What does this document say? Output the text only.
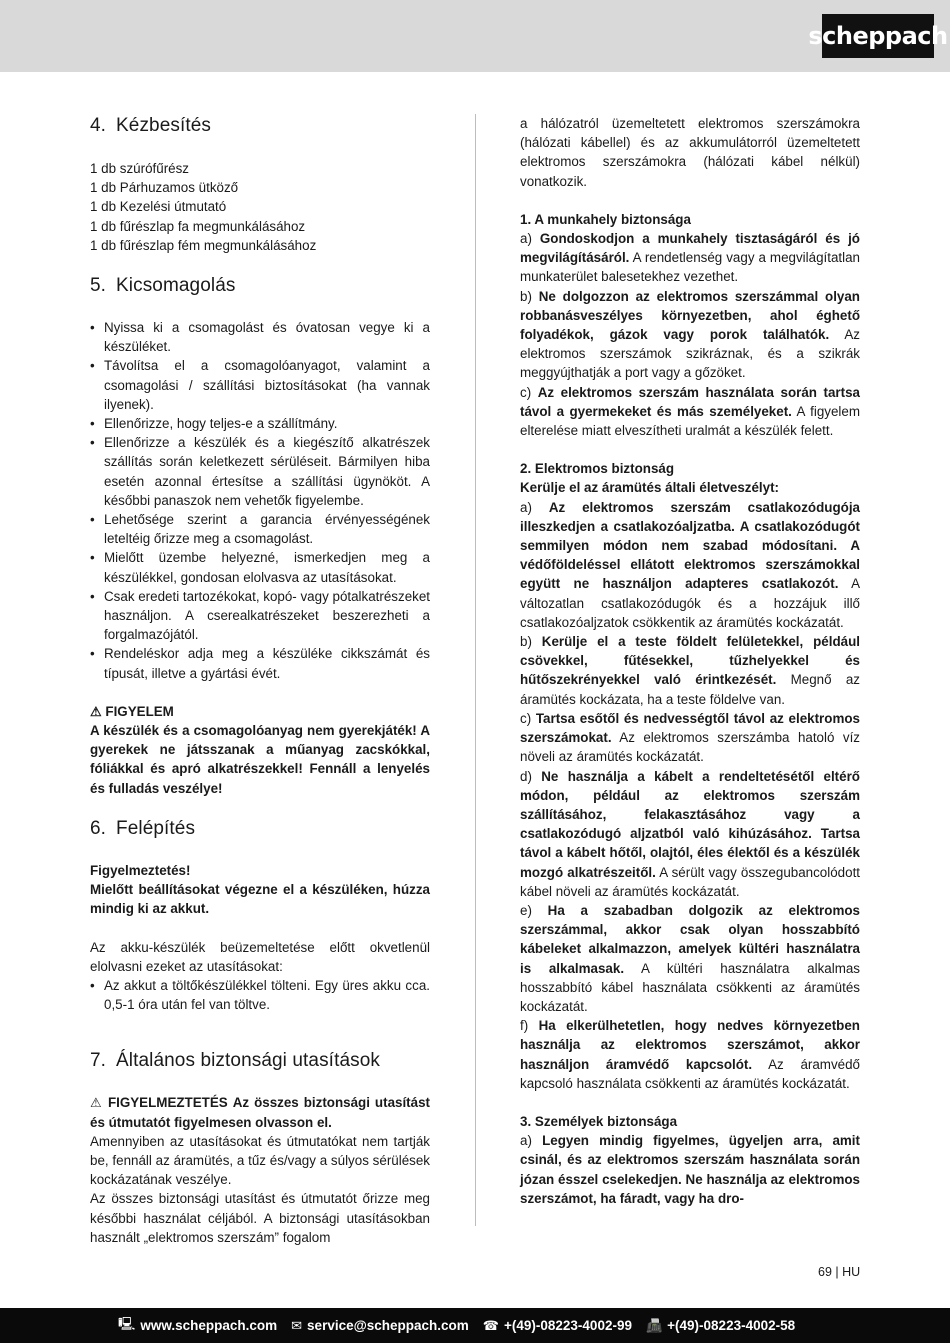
scheppach
4. Kézbesítés
1 db szúrófűrész
1 db Párhuzamos ütköző
1 db Kezelési útmutató
1 db fűrészlap fa megmunkálásához
1 db fűrészlap fém megmunkálásához
5. Kicsomagolás
• Nyissa ki a csomagolást és óvatosan vegye ki a készüléket.
• Távolítsa el a csomagolóanyagot, valamint a csomagolási / szállítási biztosításokat (ha vannak ilyenek).
• Ellenőrizze, hogy teljes-e a szállítmány.
• Ellenőrizze a készülék és a kiegészítő alkatrészek szállítás során keletkezett sérüléseit. Bármilyen hiba esetén azonnal értesítse a szállítási ügynököt. A későbbi panaszok nem vehetők figyelembe.
• Lehetősége szerint a garancia érvényességének leteltéig őrizze meg a csomagolást.
• Mielőtt üzembe helyezné, ismerkedjen meg a készülékkel, gondosan elolvasva az utasításokat.
• Csak eredeti tartozékokat, kopó- vagy pótalkatrészeket használjon. A cserealkatrészeket beszerezheti a forgalmazójától.
• Rendeléskor adja meg a készüléke cikkszámát és típusát, illetve a gyártási évét.
⚠ FIGYELEM

A készülék és a csomagolóanyag nem gyerekjáték! A gyerekek ne játsszanak a műanyag zacskókkal, fóliákkal és apró alkatrészekkel! Fennáll a lenyelés és fulladás veszélye!

6. Felépítés
Figyelmeztetés!

Mielőtt beállításokat végezne el a készüléken, húzza mindig ki az akkut.

Az akku-készülék beüzemeltetése előtt okvetlenül elolvasni ezeket az utasításokat:

• Az akkut a töltőkészülékkel tölteni. Egy üres akku cca. 0,5-1 óra után fel van töltve.
7. Általános biztonsági utasítások

⚠ FIGYELMEZTETÉS Az összes biztonsági utasítást és útmutatót figyelmesen olvasson el.

Amennyiben az utasításokat és útmutatókat nem tartják be, fennáll az áramütés, a tűz és/vagy a súlyos sérülések kockázatának veszélye.

Az összes biztonsági utasítást és útmutatót őrizze meg későbbi használat céljából. A biztonsági utasításokban használt „elektromos szerszám” fogalom

a hálózatról üzemeltetett elektromos szerszámokra (hálózati kábellel) és az akkumulátorról üzemeltetett elektromos szerszámokra (hálózati kábel nélkül) vonatkozik.

1. A munkahely biztonsága

a) Gondoskodjon a munkahely tisztaságáról és jó megvilágításáról. A rendetlenség vagy a megvilágítatlan munkaterület balesetekhez vezethet.

b) Ne dolgozzon az elektromos szerszámmal olyan robbanásveszélyes környezetben, ahol éghető folyadékok, gázok vagy porok találhatók. Az elektromos szerszámok szikráznak, és a szikrák meggyújthatják a port vagy a gőzöket.

c) Az elektromos szerszám használata során tartsa távol a gyermekeket és más személyeket. A figyelem elterelése miatt elveszítheti uralmát a készülék felett.

2. Elektromos biztonság
Kerülje el az áramütés általi életveszélyt:

a) Az elektromos szerszám csatlakozódugója illeszkedjen a csatlakozóaljzatba. A csatlakozódugót semmilyen módon nem szabad módosítani. A védőföldeléssel ellátott elektromos szerszámokkal együtt ne használjon adapteres csatlakozót. A változatlan csatlakozódugók és a hozzájuk illő csatlakozóaljzatok csökkentik az áramütés kockázatát.

b) Kerülje el a teste földelt felületekkel, például csövekkel, fűtésekkel, tűzhelyekkel és hűtőszekrényekkel való érintkezését. Megnő az áramütés kockázata, ha a teste földelve van.

c) Tartsa esőtől és nedvességtől távol az elektromos szerszámokat. Az elektromos szerszámba hatoló víz növeli az áramütés kockázatát.

d) Ne használja a kábelt a rendeltetésétől eltérő módon, például az elektromos szerszám szállításához, felakasztásához vagy a csatlakozódugó aljzatból való kihúzásához. Tartsa távol a kábelt hőtől, olajtól, éles élektől és a készülék mozgó alkatrészeitől. A sérült vagy összegubancolódott kábel növeli az áramütés kockázatát.

e) Ha a szabadban dolgozik az elektromos szerszámmal, akkor csak olyan hosszabbító kábeleket alkalmazzon, amelyek kültéri használatra is alkalmasak. A kültéri használatra alkalmas hosszabbító kábel használata csökkenti az áramütés kockázatát.

f) Ha elkerülhetetlen, hogy nedves környezetben használja az elektromos szerszámot, akkor használjon áramvédő kapcsolót. Az áramvédő kapcsoló használata csökkenti az áramütés kockázatát.

3. Személyek biztonsága

a) Legyen mindig figyelmes, ügyeljen arra, amit csinál, és az elektromos szerszám használata során józan ésszel cselekedjen. Ne használja az elektromos szerszámot, ha fáradt, vagy ha dro-

69 | HU
🖳 www.scheppach.com ✉ service@scheppach.com ☎ +(49)-08223-4002-99 📠 +(49)-08223-4002-58
